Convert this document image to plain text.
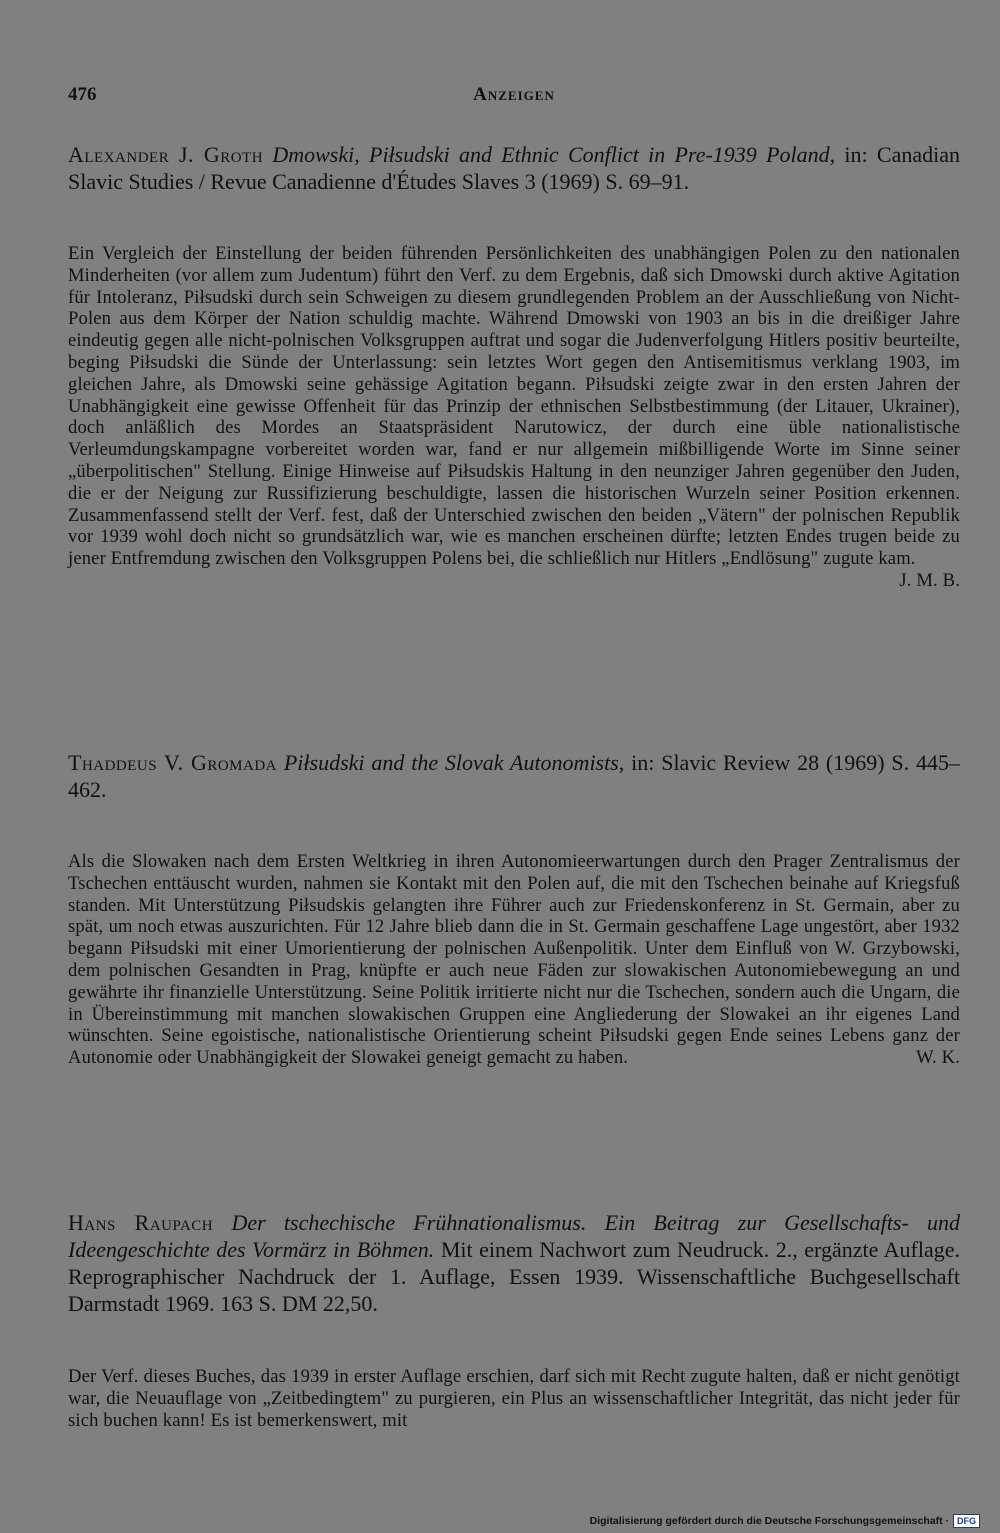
476	Anzeigen
Alexander J. Groth Dmowski, Piłsudski and Ethnic Conflict in Pre-1939 Poland, in: Canadian Slavic Studies / Revue Canadienne d'Études Slaves 3 (1969) S. 69–91.
Ein Vergleich der Einstellung der beiden führenden Persönlichkeiten des unabhängigen Polen zu den nationalen Minderheiten (vor allem zum Judentum) führt den Verf. zu dem Ergebnis, daß sich Dmowski durch aktive Agitation für Intoleranz, Piłsudski durch sein Schweigen zu diesem grundlegenden Problem an der Ausschließung von Nicht-Polen aus dem Körper der Nation schuldig machte. Während Dmowski von 1903 an bis in die dreißiger Jahre eindeutig gegen alle nicht-polnischen Volksgruppen auftrat und sogar die Judenverfolgung Hitlers positiv beurteilte, beging Piłsudski die Sünde der Unterlassung: sein letztes Wort gegen den Antisemitismus verklang 1903, im gleichen Jahre, als Dmowski seine gehässige Agitation begann. Piłsudski zeigte zwar in den ersten Jahren der Unabhängigkeit eine gewisse Offenheit für das Prinzip der ethnischen Selbstbestimmung (der Litauer, Ukrainer), doch anläßlich des Mordes an Staatspräsident Narutowicz, der durch eine üble nationalistische Verleumdungskampagne vorbereitet worden war, fand er nur allgemein mißbilligende Worte im Sinne seiner „überpolitischen" Stellung. Einige Hinweise auf Piłsudskis Haltung in den neunziger Jahren gegenüber den Juden, die er der Neigung zur Russifizierung beschuldigte, lassen die historischen Wurzeln seiner Position erkennen. Zusammenfassend stellt der Verf. fest, daß der Unterschied zwischen den beiden „Vätern" der polnischen Republik vor 1939 wohl doch nicht so grundsätzlich war, wie es manchen erscheinen dürfte; letzten Endes trugen beide zu jener Entfremdung zwischen den Volksgruppen Polens bei, die schließlich nur Hitlers „Endlösung" zugute kam.
J. M. B.
Thaddeus V. Gromada Piłsudski and the Slovak Autonomists, in: Slavic Review 28 (1969) S. 445–462.
Als die Slowaken nach dem Ersten Weltkrieg in ihren Autonomieerwartungen durch den Prager Zentralismus der Tschechen enttäuscht wurden, nahmen sie Kontakt mit den Polen auf, die mit den Tschechen beinahe auf Kriegsfuß standen. Mit Unterstützung Piłsudskis gelangten ihre Führer auch zur Friedenskonferenz in St. Germain, aber zu spät, um noch etwas auszurichten. Für 12 Jahre blieb dann die in St. Germain geschaffene Lage ungestört, aber 1932 begann Piłsudski mit einer Umorientierung der polnischen Außenpolitik. Unter dem Einfluß von W. Grzybowski, dem polnischen Gesandten in Prag, knüpfte er auch neue Fäden zur slowakischen Autonomiebewegung an und gewährte ihr finanzielle Unterstützung. Seine Politik irritierte nicht nur die Tschechen, sondern auch die Ungarn, die in Übereinstimmung mit manchen slowakischen Gruppen eine Angliederung der Slowakei an ihr eigenes Land wünschten. Seine egoistische, nationalistische Orientierung scheint Piłsudski gegen Ende seines Lebens ganz der Autonomie oder Unabhängigkeit der Slowakei geneigt gemacht zu haben.	W. K.
Hans Raupach Der tschechische Frühnationalismus. Ein Beitrag zur Gesellschafts- und Ideengeschichte des Vormärz in Böhmen. Mit einem Nachwort zum Neudruck. 2., ergänzte Auflage. Reprographischer Nachdruck der 1. Auflage, Essen 1939. Wissenschaftliche Buchgesellschaft Darmstadt 1969. 163 S. DM 22,50.
Der Verf. dieses Buches, das 1939 in erster Auflage erschien, darf sich mit Recht zugute halten, daß er nicht genötigt war, die Neuauflage von „Zeitbedingtem" zu purgieren, ein Plus an wissenschaftlicher Integrität, das nicht jeder für sich buchen kann! Es ist bemerkenswert, mit
Digitalisierung gefördert durch die Deutsche Forschungsgemeinschaft · DFG
